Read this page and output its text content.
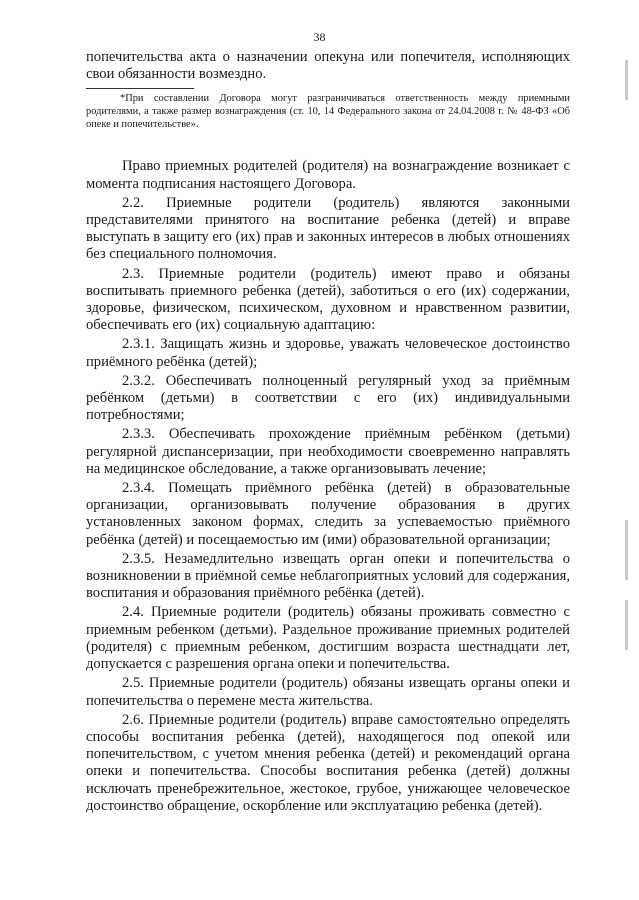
38

попечительства акта о назначении опекуна или попечителя, исполняющих свои обязанности возмездно.

*При составлении Договора могут разграничиваться ответственность между приемными родителями, а также размер вознаграждения (ст. 10, 14 Федерального закона от 24.04.2008 г. № 48-ФЗ «Об опеке и попечительстве».

Право приемных родителей (родителя) на вознаграждение возникает с момента подписания настоящего Договора.

2.2. Приемные родители (родитель) являются законными представителями принятого на воспитание ребенка (детей) и вправе выступать в защиту его (их) прав и законных интересов в любых отношениях без специального полномочия.

2.3. Приемные родители (родитель) имеют право и обязаны воспитывать приемного ребенка (детей), заботиться о его (их) содержании, здоровье, физическом, психическом, духовном и нравственном развитии, обеспечивать его (их) социальную адаптацию:

2.3.1. Защищать жизнь и здоровье, уважать человеческое достоинство приёмного ребёнка (детей);

2.3.2. Обеспечивать полноценный регулярный уход за приёмным ребёнком (детьми) в соответствии с его (их) индивидуальными потребностями;

2.3.3. Обеспечивать прохождение приёмным ребёнком (детьми) регулярной диспансеризации, при необходимости своевременно направлять на медицинское обследование, а также организовывать лечение;

2.3.4. Помещать приёмного ребёнка (детей) в образовательные организации, организовывать получение образования в других установленных законом формах, следить за успеваемостью приёмного ребёнка (детей) и посещаемостью им (ими) образовательной организации;

2.3.5. Незамедлительно извещать орган опеки и попечительства о возникновении в приёмной семье неблагоприятных условий для содержания, воспитания и образования приёмного ребёнка (детей).

2.4. Приемные родители (родитель) обязаны проживать совместно с приемным ребенком (детьми). Раздельное проживание приемных родителей (родителя) с приемным ребенком, достигшим возраста шестнадцати лет, допускается с разрешения органа опеки и попечительства.

2.5. Приемные родители (родитель) обязаны извещать органы опеки и попечительства о перемене места жительства.

2.6. Приемные родители (родитель) вправе самостоятельно определять способы воспитания ребенка (детей), находящегося под опекой или попечительством, с учетом мнения ребенка (детей) и рекомендаций органа опеки и попечительства. Способы воспитания ребенка (детей) должны исключать пренебрежительное, жестокое, грубое, унижающее человеческое достоинство обращение, оскорбление или эксплуатацию ребенка (детей).
